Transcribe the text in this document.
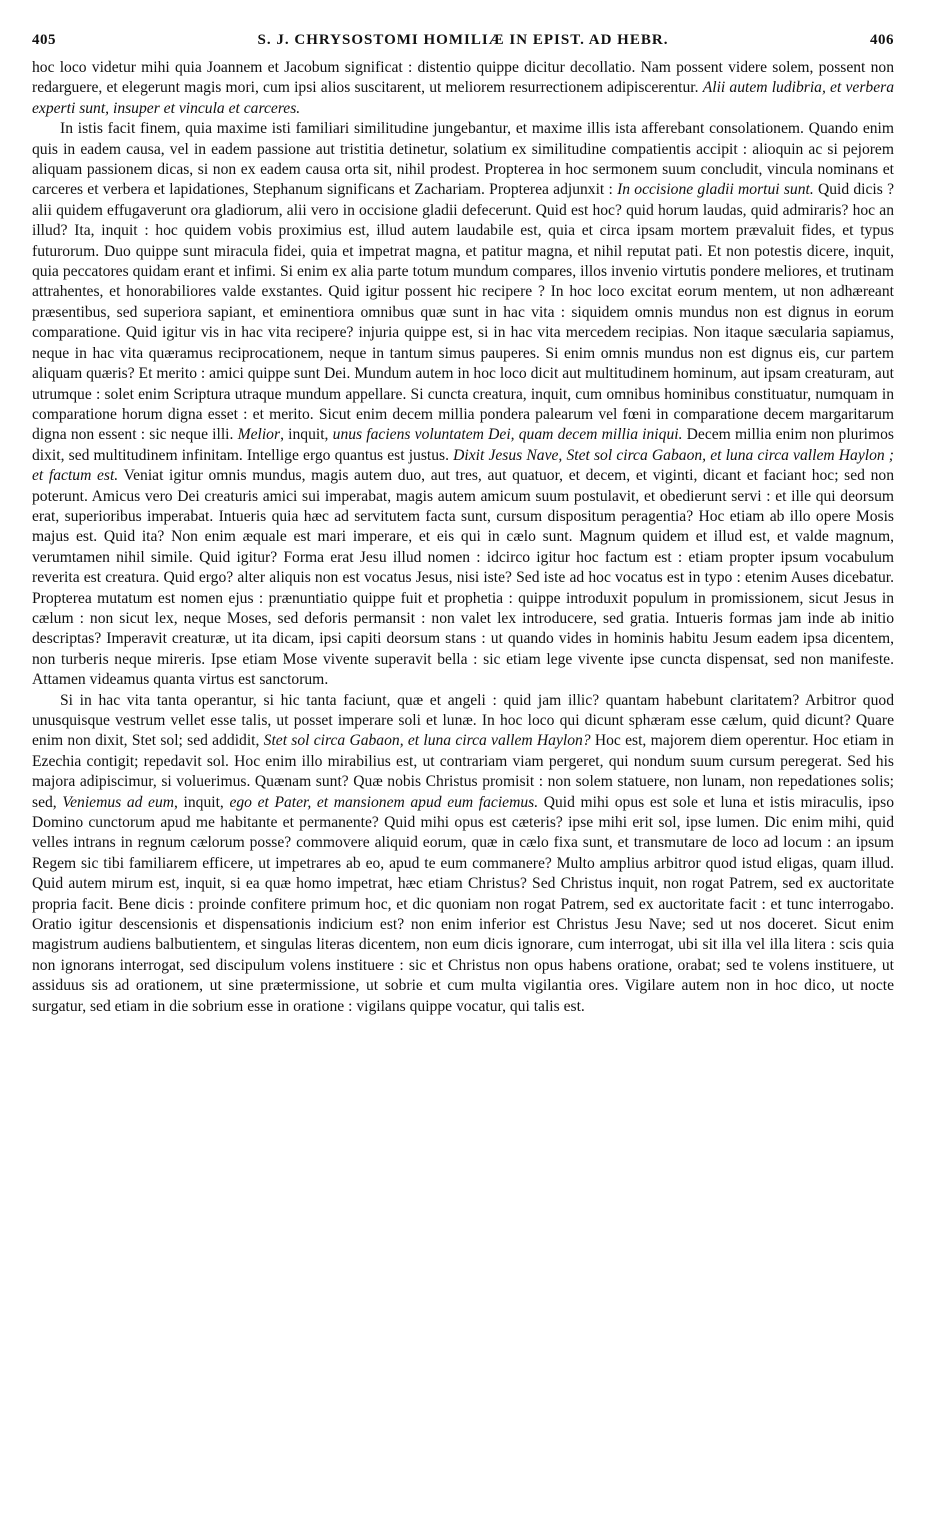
405	S. J. CHRYSOSTOMI HOMILIÆ IN EPIST. AD HEBR.	406

hoc loco videtur mihi quia Joannem et Jacobum significat : distentio quippe dicitur decollatio. Nam possent videre solem, possent non redarguere, et elegerunt magis mori, cum ipsi alios suscitarent, ut meliorem resurrectionem adipiscerentur. Alii autem ludibria, et verbera experti sunt, insuper et vincula et carceres.

In istis facit finem, quia maxime isti familiari similitudine jungebantur, et maxime illis ista afferebant consolationem. Quando enim quis in eadem causa, vel in eadem passione aut tristitia detinetur, solatium ex similitudine compatientis accipit : alioquin ac si pejorem aliquam passionem dicas, si non ex eadem causa orta sit, nihil prodest. Propterea in hoc sermonem suum concludit, vincula nominans et carceres et verbera et lapidationes, Stephanum significans et Zachariam. Propterea adjunxit : In occisione gladii mortui sunt. Quid dicis ? alii quidem effugaverunt ora gladiorum, alii vero in occisione gladii defecerunt. Quid est hoc? quid horum laudas, quid admiraris? hoc an illud? Ita, inquit : hoc quidem vobis proximius est, illud autem laudabile est, quia et circa ipsam mortem prævaluit fides, et typus futurorum. Duo quippe sunt miracula fidei, quia et impetrat magna, et patitur magna, et nihil reputat pati. Et non potestis dicere, inquit, quia peccatores quidam erant et infimi. Si enim ex alia parte totum mundum compares, illos invenio virtutis pondere meliores, et trutinam attrahentes, et honorabiliores valde exstantes. Quid igitur possent hic recipere ? In hoc loco excitat eorum mentem, ut non adhæreant præsentibus, sed superiora sapiant, et eminentiora omnibus quæ sunt in hac vita : siquidem omnis mundus non est dignus in eorum comparatione. Quid igitur vis in hac vita recipere? injuria quippe est, si in hac vita mercedem recipias. Non itaque sæcularia sapiamus, neque in hac vita quæramus reciprocationem, neque in tantum simus pauperes. Si enim omnis mundus non est dignus eis, cur partem aliquam quæris? Et merito : amici quippe sunt Dei. Mundum autem in hoc loco dicit aut multitudinem hominum, aut ipsam creaturam, aut utrumque : solet enim Scriptura utraque mundum appellare. Si cuncta creatura, inquit, cum omnibus hominibus constituatur, numquam in comparatione horum digna esset : et merito. Sicut enim decem millia pondera palearum vel fœni in comparatione decem margaritarum digna non essent : sic neque illi. Melior, inquit, unus faciens voluntatem Dei, quam decem millia iniqui. Decem millia enim non plurimos dixit, sed multitudinem infinitam. Intellige ergo quantus est justus. Dixit Jesus Nave, Stet sol circa Gabaon, et luna circa vallem Haylon ; et factum est. Veniat igitur omnis mundus, magis autem duo, aut tres, aut quatuor, et decem, et viginti, dicant et faciant hoc; sed non poterunt. Amicus vero Dei creaturis amici sui imperabat, magis autem amicum suum postulavit, et obedierunt servi : et ille qui deorsum erat, superioribus imperabat. Intueris quia hæc ad servitutem facta sunt, cursum dispositum peragentia? Hoc etiam ab illo opere Mosis majus est. Quid ita? Non enim æquale est mari imperare, et eis qui in cælo sunt. Magnum quidem et illud est, et valde magnum, verumtamen nihil simile. Quid igitur? Forma erat Jesu illud nomen : idcirco igitur hoc factum est : etiam propter ipsum vocabulum reverita est creatura. Quid ergo? alter aliquis non est vocatus Jesus, nisi iste? Sed iste ad hoc vocatus est in typo : etenim Auses dicebatur. Propterea mutatum est nomen ejus : prænuntiatio quippe fuit et prophetia : quippe introduxit populum in promissionem, sicut Jesus in cælum : non sicut lex, neque Moses, sed deforis permansit : non valet lex introducere, sed gratia. Intueris formas jam inde ab initio descriptas? Imperavit creaturæ, ut ita dicam, ipsi capiti deorsum stans : ut quando vides in hominis habitu Jesum eadem ipsa dicentem, non turberis neque mireris. Ipse etiam Mose vivente superavit bella : sic etiam lege vivente ipse cuncta dispensat, sed non manifeste. Attamen videamus quanta virtus est sanctorum.

Si in hac vita tanta operantur, si hic tanta faciunt, quæ et angeli : quid jam illic? quantam habebunt claritatem? Arbitror quod unusquisque vestrum vellet esse talis, ut posset imperare soli et lunæ. In hoc loco qui dicunt sphæram esse cælum, quid dicunt? Quare enim non dixit, Stet sol; sed addidit, Stet sol circa Gabaon, et luna circa vallem Haylon? Hoc est, majorem diem operentur. Hoc etiam in Ezechia contigit; repedavit sol. Hoc enim illo mirabilius est, ut contrariam viam pergeret, qui nondum suum cursum peregerat. Sed his majora adipiscimur, si voluerimus. Quænam sunt? Quæ nobis Christus promisit : non solem statuere, non lunam, non repedationes solis; sed, Veniemus ad eum, inquit, ego et Pater, et mansionem apud eum faciemus. Quid mihi opus est sole et luna et istis miraculis, ipso Domino cunctorum apud me habitante et permanente? Quid mihi opus est cæteris? ipse mihi erit sol, ipse lumen. Dic enim mihi, quid velles intrans in regnum cælorum posse? commovere aliquid eorum, quæ in cælo fixa sunt, et transmutare de loco ad locum : an ipsum Regem sic tibi familiarem efficere, ut impetrares ab eo, apud te eum commanere? Multo amplius arbitror quod istud eligas, quam illud. Quid autem mirum est, inquit, si ea quæ homo impetrat, hæc etiam Christus? Sed Christus inquit, non rogat Patrem, sed ex auctoritate propria facit. Bene dicis : proinde confitere primum hoc, et dic quoniam non rogat Patrem, sed ex auctoritate facit : et tunc interrogabo. Oratio igitur descensionis et dispensationis indicium est? non enim inferior est Christus Jesu Nave; sed ut nos doceret. Sicut enim magistrum audiens balbutientem, et singulas literas dicentem, non eum dicis ignorare, cum interrogat, ubi sit illa vel illa litera : scis quia non ignorans interrogat, sed discipulum volens instituere : sic et Christus non opus habens oratione, orabat; sed te volens instituere, ut assiduus sis ad orationem, ut sine prætermissione, ut sobrie et cum multa vigilantia ores. Vigilare autem non in hoc dico, ut nocte surgatur, sed etiam in die sobrium esse in oratione : vigilans quippe vocatur, qui talis est.
